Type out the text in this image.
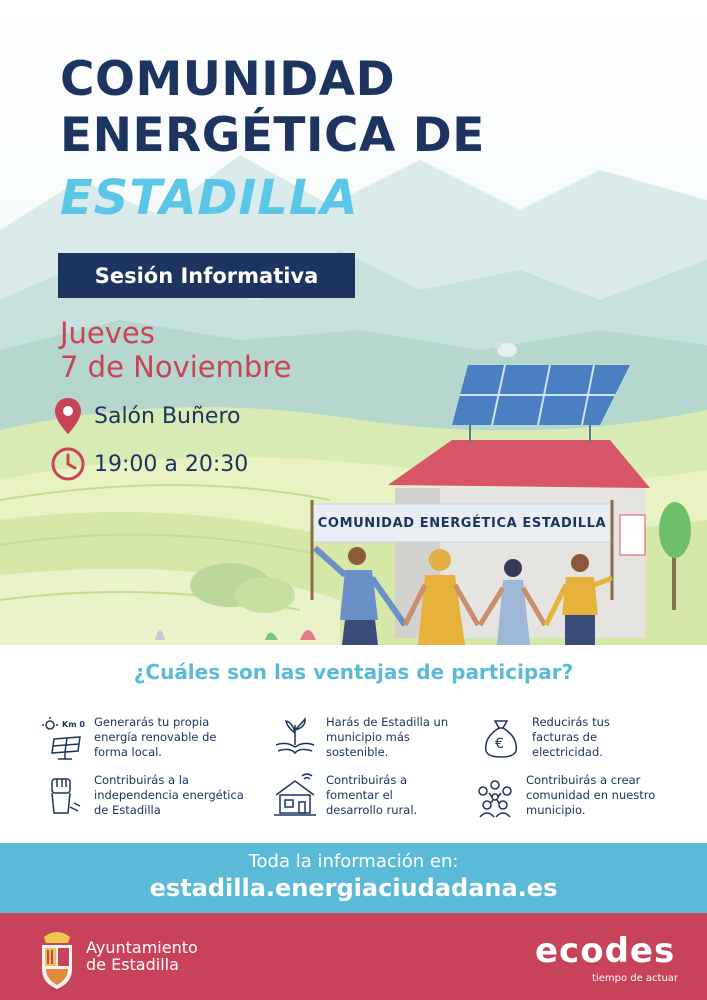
COMUNIDAD
ENERGÉTICA DE
ESTADILLA
Sesión Informativa
Jueves
7 de Noviembre
Salón Buñero
19:00 a 20:30
COMUNIDAD ENERGÉTICA ESTADILLA
¿Cuáles son las ventajas de participar?
Km 0. Generarás tu propia
energía renovable de
forma local.
Harás de Estadilla un
municipio más
sostenible.	€
Reducirás tus
facturas de
electricidad.
Contribuirás a la
independencia energética
de Estadilla
Contribuirás a
fomentar el
desarrollo rural.
Contribuirás a crear
comunidad en nuestro
municipio.
Toda la información en:
estadilla.energiaciudadana.es
Ayuntamiento
de Estadilla	ecodes
tiempo de actuar
